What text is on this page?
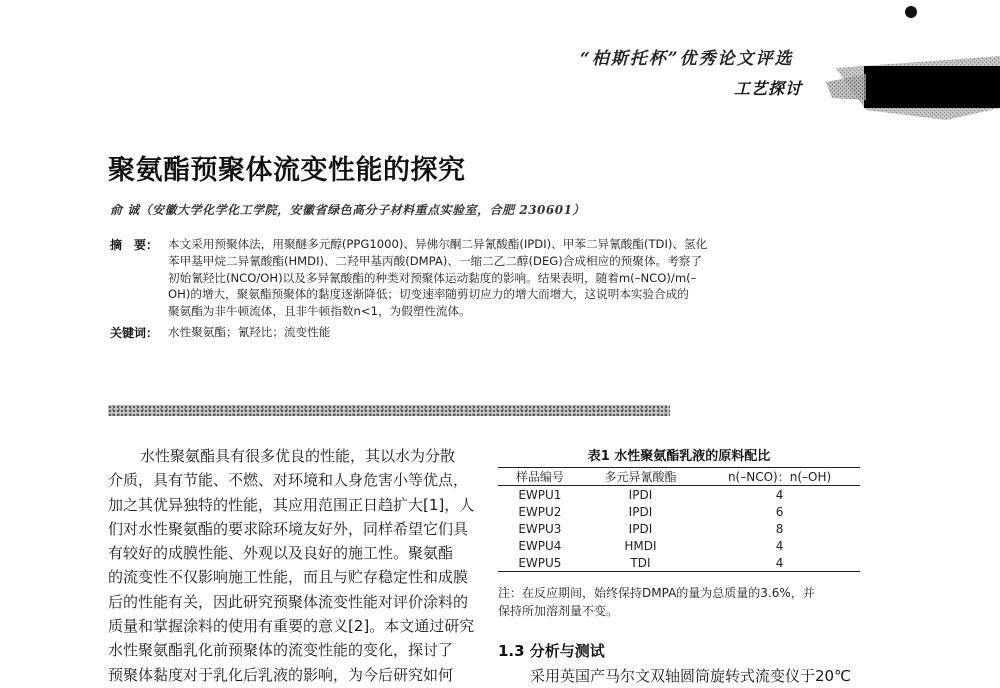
“柏斯托杯”优秀论文评选
工艺探讨
聚氨酯预聚体流变性能的探究
俞 诚（安徽大学化学化工学院，安徽省绿色高分子材料重点实验室，合肥 230601）
摘　要： 本文采用预聚体法，用聚醚多元醇(PPG1000)、异佛尔酮二异氰酸酯(IPDI)、甲苯二异氰酸酯(TDI)、氢化
苯甲基甲烷二异氰酸酯(HMDI)、二羟甲基丙酸(DMPA)、一缩二乙二醇(DEG)合成相应的预聚体。考察了
初始氰羟比(NCO/OH)以及多异氰酸酯的种类对预聚体运动黏度的影响。结果表明，随着m(–NCO)/m(–
OH)的增大，聚氨酯预聚体的黏度逐渐降低；切变速率随剪切应力的增大而增大，这说明本实验合成的
聚氨酯为非牛顿流体，且非牛顿指数n<1，为假塑性流体。
关键词： 水性聚氨酯；氰羟比；流变性能
水性聚氨酯具有很多优良的性能，其以水为分散
介质，具有节能、不燃、对环境和人身危害小等优点，
加之其优异独特的性能，其应用范围正日趋扩大[1]，人
们对水性聚氨酯的要求除环境友好外，同样希望它们具
有较好的成膜性能、外观以及良好的施工性。聚氨酯
的流变性不仅影响施工性能，而且与贮存稳定性和成膜
后的性能有关，因此研究预聚体流变性能对评价涂料的
质量和掌握涂料的使用有重要的意义[2]。本文通过研究
水性聚氨酯乳化前预聚体的流变性能的变化，探讨了
预聚体黏度对于乳化后乳液的影响，为今后研究如何
表1 水性聚氨酯乳液的原料配比
样品编号	多元异氰酸酯	n(–NCO)：n(–OH)
EWPU1	IPDI	4
EWPU2	IPDI	6
EWPU3	IPDI	8
EWPU4	HMDI	4
EWPU5	TDI	4
注：在反应期间，始终保持DMPA的量为总质量的3.6%，并
保持所加溶剂量不变。
1.3 分析与测试
采用英国产马尔文双轴圆筒旋转式流变仪于20℃
